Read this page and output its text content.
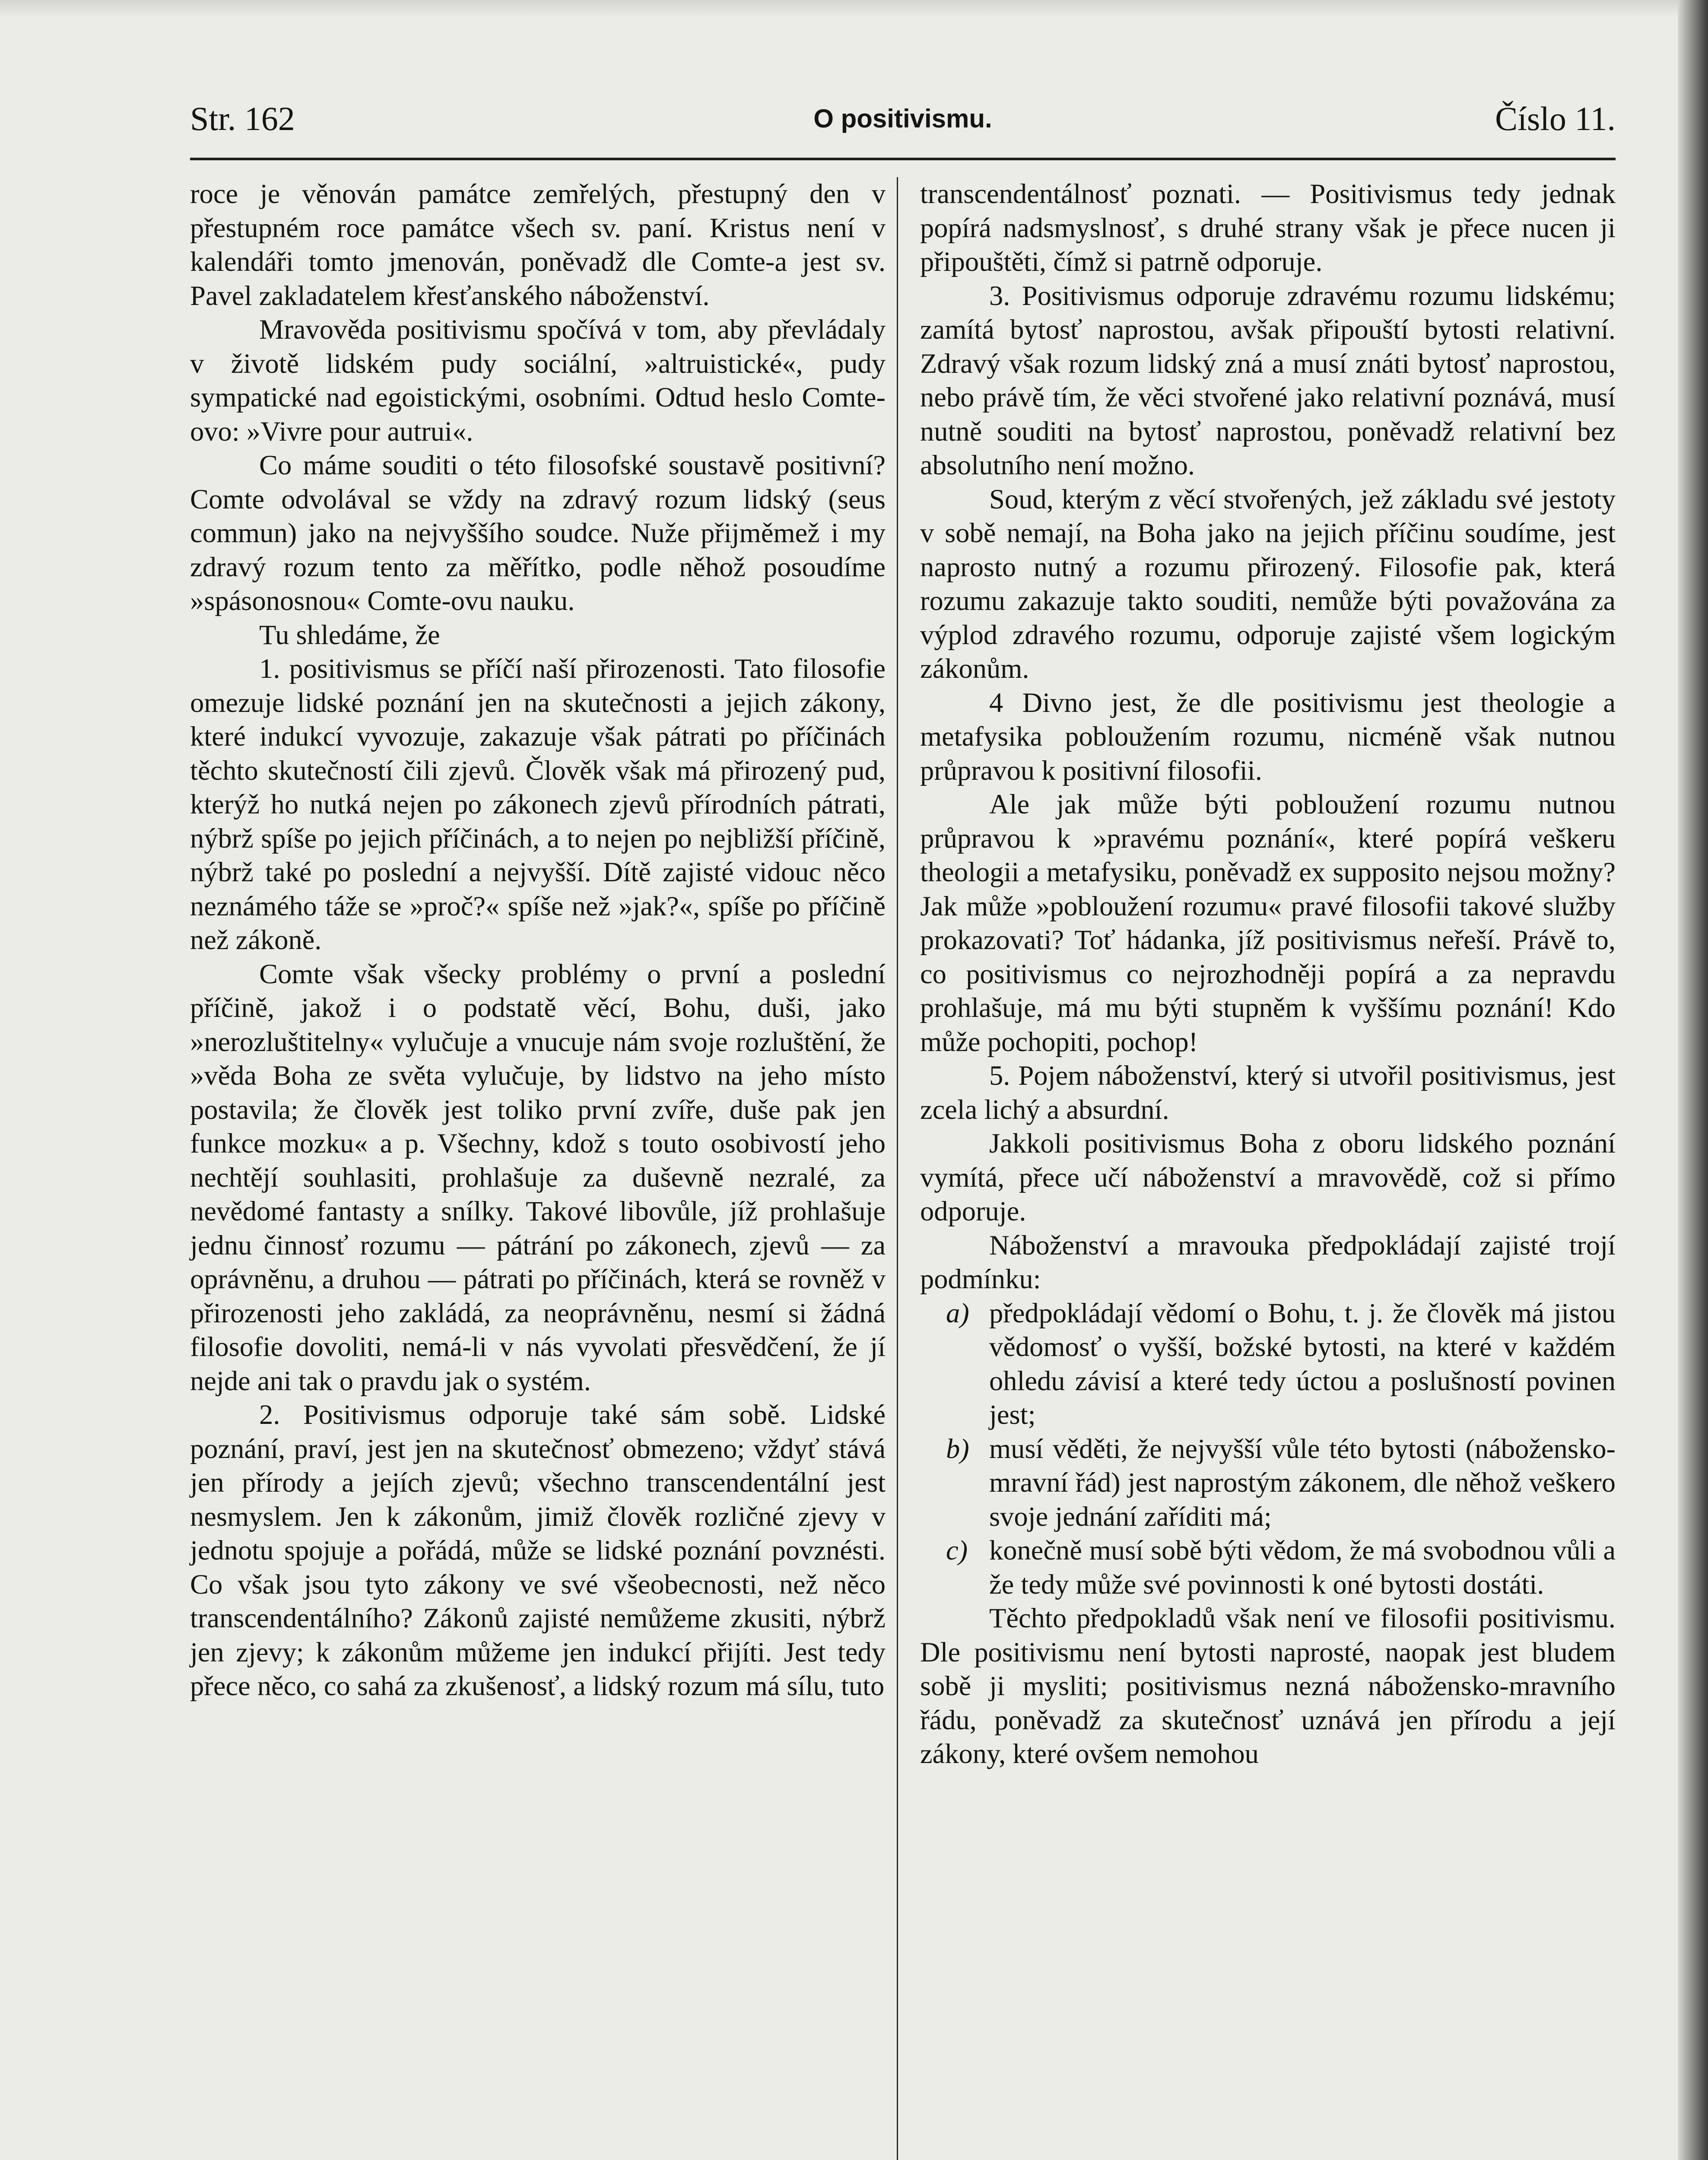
Str. 162	O positivismu.	Číslo 11.

roce je věnován památce zemřelých, přestupný den v přestupném roce památce všech sv. paní. Kristus není v kalendáři tomto jmenován, poněvadž dle Comte-a jest sv. Pavel zakladatelem křesťanského náboženství.

Mravověda positivismu spočívá v tom, aby převládaly v životě lidském pudy sociální, »altruistické«, pudy sympatické nad egoistickými, osobními. Odtud heslo Comte-ovo: »Vivre pour autrui«.

Co máme souditi o této filosofské soustavě positivní? Comte odvolával se vždy na zdravý rozum lidský (seus commun) jako na nejvyššího soudce. Nuže přijměmež i my zdravý rozum tento za měřítko, podle něhož posoudíme »spásonosnou« Comte-ovu nauku.

Tu shledáme, že

1. positivismus se příčí naší přirozenosti. Tato filosofie omezuje lidské poznání jen na skutečnosti a jejich zákony, které indukcí vyvozuje, zakazuje však pátrati po příčinách těchto skutečností čili zjevů. Člověk však má přirozený pud, kterýž ho nutká nejen po zákonech zjevů přírodních pátrati, nýbrž spíše po jejich příčinách, a to nejen po nejbližší příčině, nýbrž také po poslední a nejvyšší. Dítě zajisté vidouc něco neznámého táže se »proč?« spíše než »jak?«, spíše po příčině než zákoně.

Comte však všecky problémy o první a poslední příčině, jakož i o podstatě věcí, Bohu, duši, jako »nerozluštitelny« vylučuje a vnucuje nám svoje rozluštění, že »věda Boha ze světa vylučuje, by lidstvo na jeho místo postavila; že člověk jest toliko první zvíře, duše pak jen funkce mozku« a p. Všechny, kdož s touto osobivostí jeho nechtějí souhlasiti, prohlašuje za duševně nezralé, za nevědomé fantasty a snílky. Takové libovůle, jíž prohlašuje jednu činnosť rozumu — pátrání po zákonech, zjevů — za oprávněnu, a druhou — pátrati po příčinách, která se rovněž v přirozenosti jeho zakládá, za neoprávněnu, nesmí si žádná filosofie dovoliti, nemá-li v nás vyvolati přesvědčení, že jí nejde ani tak o pravdu jak o systém.

2. Positivismus odporuje také sám sobě. Lidské poznání, praví, jest jen na skutečnosť obmezeno; vždyť stává jen přírody a jejích zjevů; všechno transcendentální jest nesmyslem. Jen k zákonům, jimiž člověk rozličné zjevy v jednotu spojuje a pořádá, může se lidské poznání povznésti. Co však jsou tyto zákony ve své všeobecnosti, než něco transcendentálního? Zákonů zajisté nemůžeme zkusiti, nýbrž jen zjevy; k zákonům můžeme jen indukcí přijíti. Jest tedy přece něco, co sahá za zkušenosť, a lidský rozum má sílu, tuto

transcendentálnosť poznati. — Positivismus tedy jednak popírá nadsmyslnosť, s druhé strany však je přece nucen ji připouštěti, čímž si patrně odporuje.

3. Positivismus odporuje zdravému rozumu lidskému; zamítá bytosť naprostou, avšak připouští bytosti relativní. Zdravý však rozum lidský zná a musí znáti bytosť naprostou, nebo právě tím, že věci stvořené jako relativní poznává, musí nutně souditi na bytosť naprostou, poněvadž relativní bez absolutního není možno.

Soud, kterým z věcí stvořených, jež základu své jestoty v sobě nemají, na Boha jako na jejich příčinu soudíme, jest naprosto nutný a rozumu přirozený. Filosofie pak, která rozumu zakazuje takto souditi, nemůže býti považována za výplod zdravého rozumu, odporuje zajisté všem logickým zákonům.

4 Divno jest, že dle positivismu jest theologie a metafysika pobloužením rozumu, nicméně však nutnou průpravou k positivní filosofii.

Ale jak může býti pobloužení rozumu nutnou průpravou k »pravému poznání«, které popírá veškeru theologii a metafysiku, poněvadž ex supposito nejsou možny? Jak může »pobloužení rozumu« pravé filosofii takové služby prokazovati? Toť hádanka, jíž positivismus neřeší. Právě to, co positivismus co nejrozhodněji popírá a za nepravdu prohlašuje, má mu býti stupněm k vyššímu poznání! Kdo může pochopiti, pochop!

5. Pojem náboženství, který si utvořil positivismus, jest zcela lichý a absurdní.

Jakkoli positivismus Boha z oboru lidského poznání vymítá, přece učí náboženství a mravovědě, což si přímo odporuje.

Náboženství a mravouka předpokládají zajisté trojí podmínku:

a) předpokládají vědomí o Bohu, t. j. že člověk má jistou vědomosť o vyšší, božské bytosti, na které v každém ohledu závisí a které tedy úctou a poslušností povinen jest;

b) musí věděti, že nejvyšší vůle této bytosti (nábožensko-mravní řád) jest naprostým zákonem, dle něhož veškero svoje jednání zaříditi má;

c) konečně musí sobě býti vědom, že má svobodnou vůli a že tedy může své povinnosti k oné bytosti dostáti.

Těchto předpokladů však není ve filosofii positivismu. Dle positivismu není bytosti naprosté, naopak jest bludem sobě ji mysliti; positivismus nezná nábožensko-mravního řádu, poněvadž za skutečnosť uznává jen přírodu a její zákony, které ovšem nemohou
